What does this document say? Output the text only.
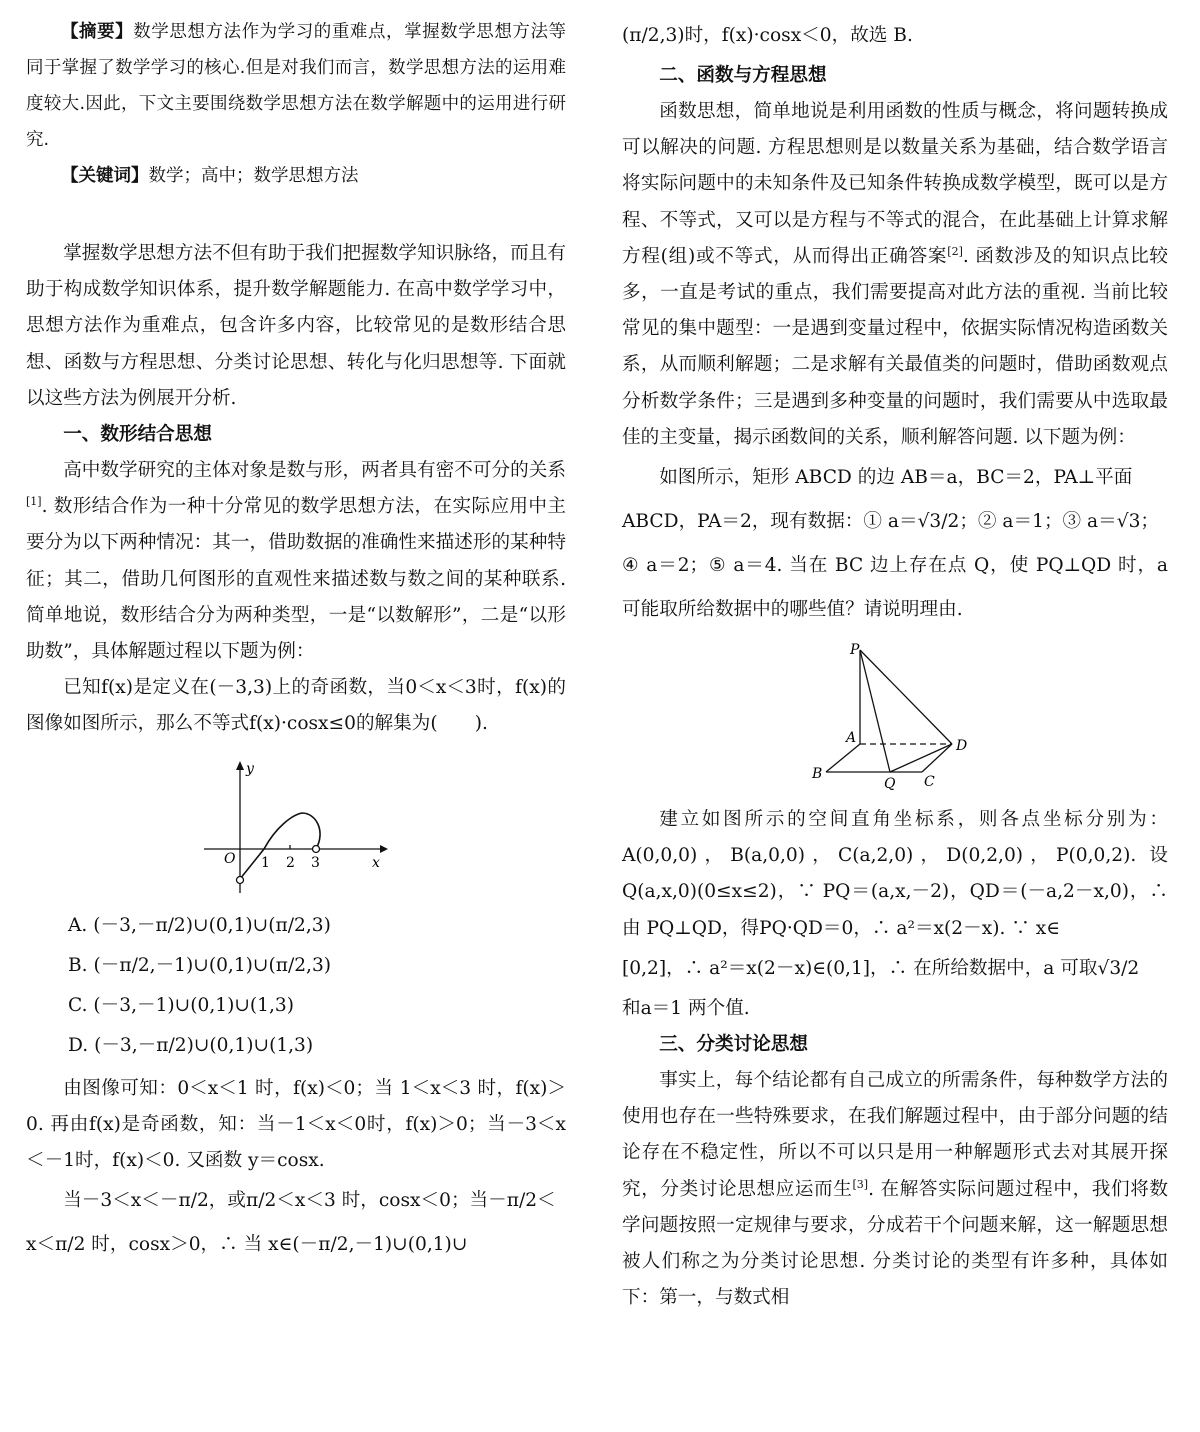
【摘要】数学思想方法作为学习的重难点，掌握数学思想方法等同于掌握了数学学习的核心.但是对我们而言，数学思想方法的运用难度较大.因此，下文主要围绕数学思想方法在数学解题中的运用进行研究.

【关键词】数学；高中；数学思想方法

掌握数学思想方法不但有助于我们把握数学知识脉络，而且有助于构成数学知识体系，提升数学解题能力. 在高中数学学习中，思想方法作为重难点，包含许多内容，比较常见的是数形结合思想、函数与方程思想、分类讨论思想、转化与化归思想等. 下面就以这些方法为例展开分析.

一、数形结合思想

高中数学研究的主体对象是数与形，两者具有密不可分的关系[1]. 数形结合作为一种十分常见的数学思想方法，在实际应用中主要分为以下两种情况：其一，借助数据的准确性来描述形的某种特征；其二，借助几何图形的直观性来描述数与数之间的某种联系. 简单地说，数形结合分为两种类型，一是“以数解形”，二是“以形助数”，具体解题过程以下题为例：

已知f(x)是定义在(－3,3)上的奇函数，当0＜x＜3时，f(x)的图像如图所示，那么不等式f(x)·cosx≤0的解集为(　　).

y
x
O 1 2 3
A. (－3,－π/2)∪(0,1)∪(π/2,3)
B. (－π/2,－1)∪(0,1)∪(π/2,3)
C. (－3,－1)∪(0,1)∪(1,3)
D. (－3,－π/2)∪(0,1)∪(1,3)

由图像可知：0＜x＜1 时，f(x)＜0；当 1＜x＜3 时，f(x)＞0. 再由f(x)是奇函数，知：当－1＜x＜0时，f(x)＞0；当－3＜x＜－1时，f(x)＜0. 又函数 y＝cosx.

当－3＜x＜－π/2，或π/2＜x＜3 时，cosx＜0；当－π/2＜

x＜π/2 时，cosx＞0，∴ 当 x∈(－π/2,－1)∪(0,1)∪

(π/2,3)时，f(x)·cosx＜0，故选 B.

二、函数与方程思想

函数思想，简单地说是利用函数的性质与概念，将问题转换成可以解决的问题. 方程思想则是以数量关系为基础，结合数学语言将实际问题中的未知条件及已知条件转换成数学模型，既可以是方程、不等式，又可以是方程与不等式的混合，在此基础上计算求解方程(组)或不等式，从而得出正确答案[2]. 函数涉及的知识点比较多，一直是考试的重点，我们需要提高对此方法的重视. 当前比较常见的集中题型：一是遇到变量过程中，依据实际情况构造函数关系，从而顺利解题；二是求解有关最值类的问题时，借助函数观点分析数学条件；三是遇到多种变量的问题时，我们需要从中选取最佳的主变量，揭示函数间的关系，顺利解答问题. 以下题为例：

如图所示，矩形 ABCD 的边 AB＝a，BC＝2，PA⊥平面

ABCD，PA＝2，现有数据：① a＝√3/2；② a＝1；③ a＝√3；

④ a＝2；⑤ a＝4. 当在 BC 边上存在点 Q，使 PQ⊥QD 时，a 可能取所给数据中的哪些值？请说明理由.

P
A
B	C
D
Q

建立如图所示的空间直角坐标系，则各点坐标分别为：A(0,0,0)，B(a,0,0)，C(a,2,0)，D(0,2,0)，P(0,0,2). 设Q(a,x,0)(0≤x≤2)，∵ PQ＝(a,x,－2)，QD＝(－a,2－x,0)，∴ 由 PQ⊥QD，得PQ·QD＝0，∴ a²＝x(2－x). ∵ x∈

[0,2]，∴ a²＝x(2－x)∈(0,1]，∴ 在所给数据中，a 可取√3/2

和a＝1 两个值.

三、分类讨论思想

事实上，每个结论都有自己成立的所需条件，每种数学方法的使用也存在一些特殊要求，在我们解题过程中，由于部分问题的结论存在不稳定性，所以不可以只是用一种解题形式去对其展开探究，分类讨论思想应运而生[3]. 在解答实际问题过程中，我们将数学问题按照一定规律与要求，分成若干个问题来解，这一解题思想被人们称之为分类讨论思想. 分类讨论的类型有许多种，具体如下：第一，与数式相
